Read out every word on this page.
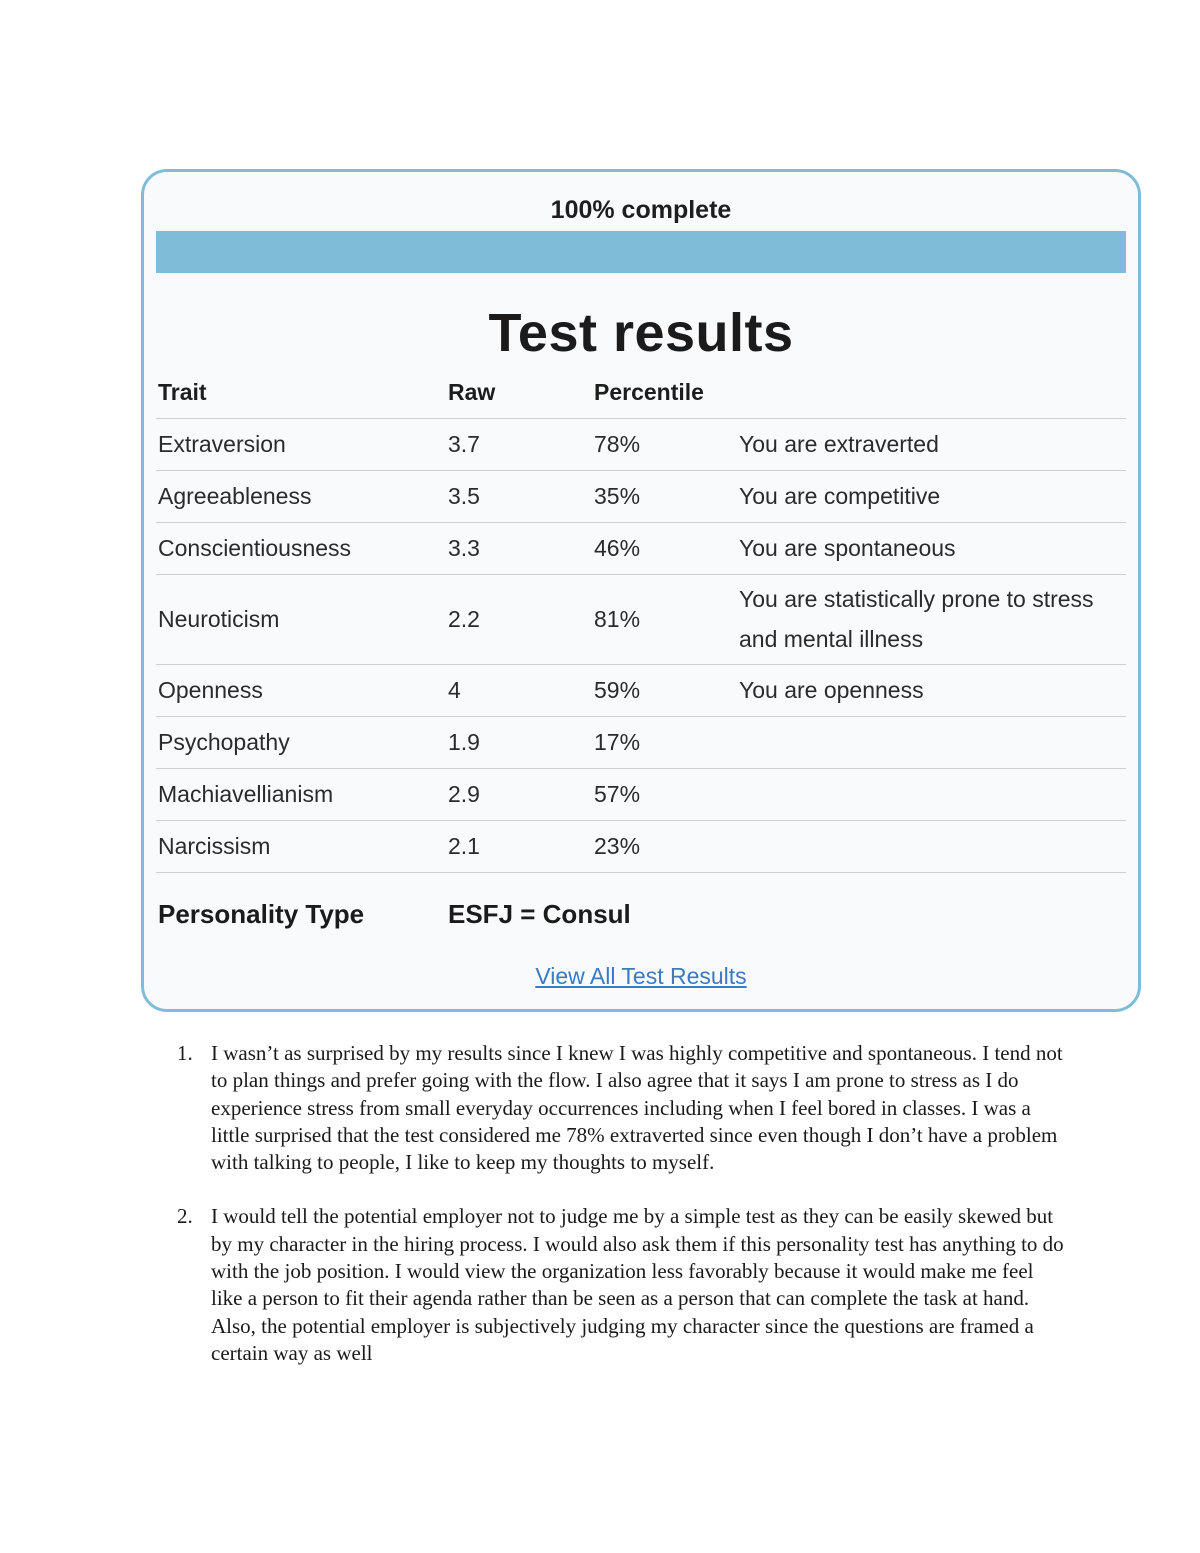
100% complete
Test results
Trait	Raw	Percentile	
Extraversion	3.7	78%	You are extraverted
Agreeableness	3.5	35%	You are competitive
Conscientiousness	3.3	46%	You are spontaneous
Neuroticism	2.2	81%	You are statistically prone to stress and mental illness
Openness	4	59%	You are openness
Psychopathy	1.9	17%	
Machiavellianism	2.9	57%	
Narcissism	2.1	23%	
Personality Type	ESFJ = Consul
View All Test Results
1. I wasn’t as surprised by my results since I knew I was highly competitive and spontaneous. I tend not to plan things and prefer going with the flow. I also agree that it says I am prone to stress as I do experience stress from small everyday occurrences including when I feel bored in classes. I was a little surprised that the test considered me 78% extraverted since even though I don’t have a problem with talking to people, I like to keep my thoughts to myself.
2. I would tell the potential employer not to judge me by a simple test as they can be easily skewed but by my character in the hiring process. I would also ask them if this personality test has anything to do with the job position. I would view the organization less favorably because it would make me feel like a person to fit their agenda rather than be seen as a person that can complete the task at hand. Also, the potential employer is subjectively judging my character since the questions are framed a certain way as well
